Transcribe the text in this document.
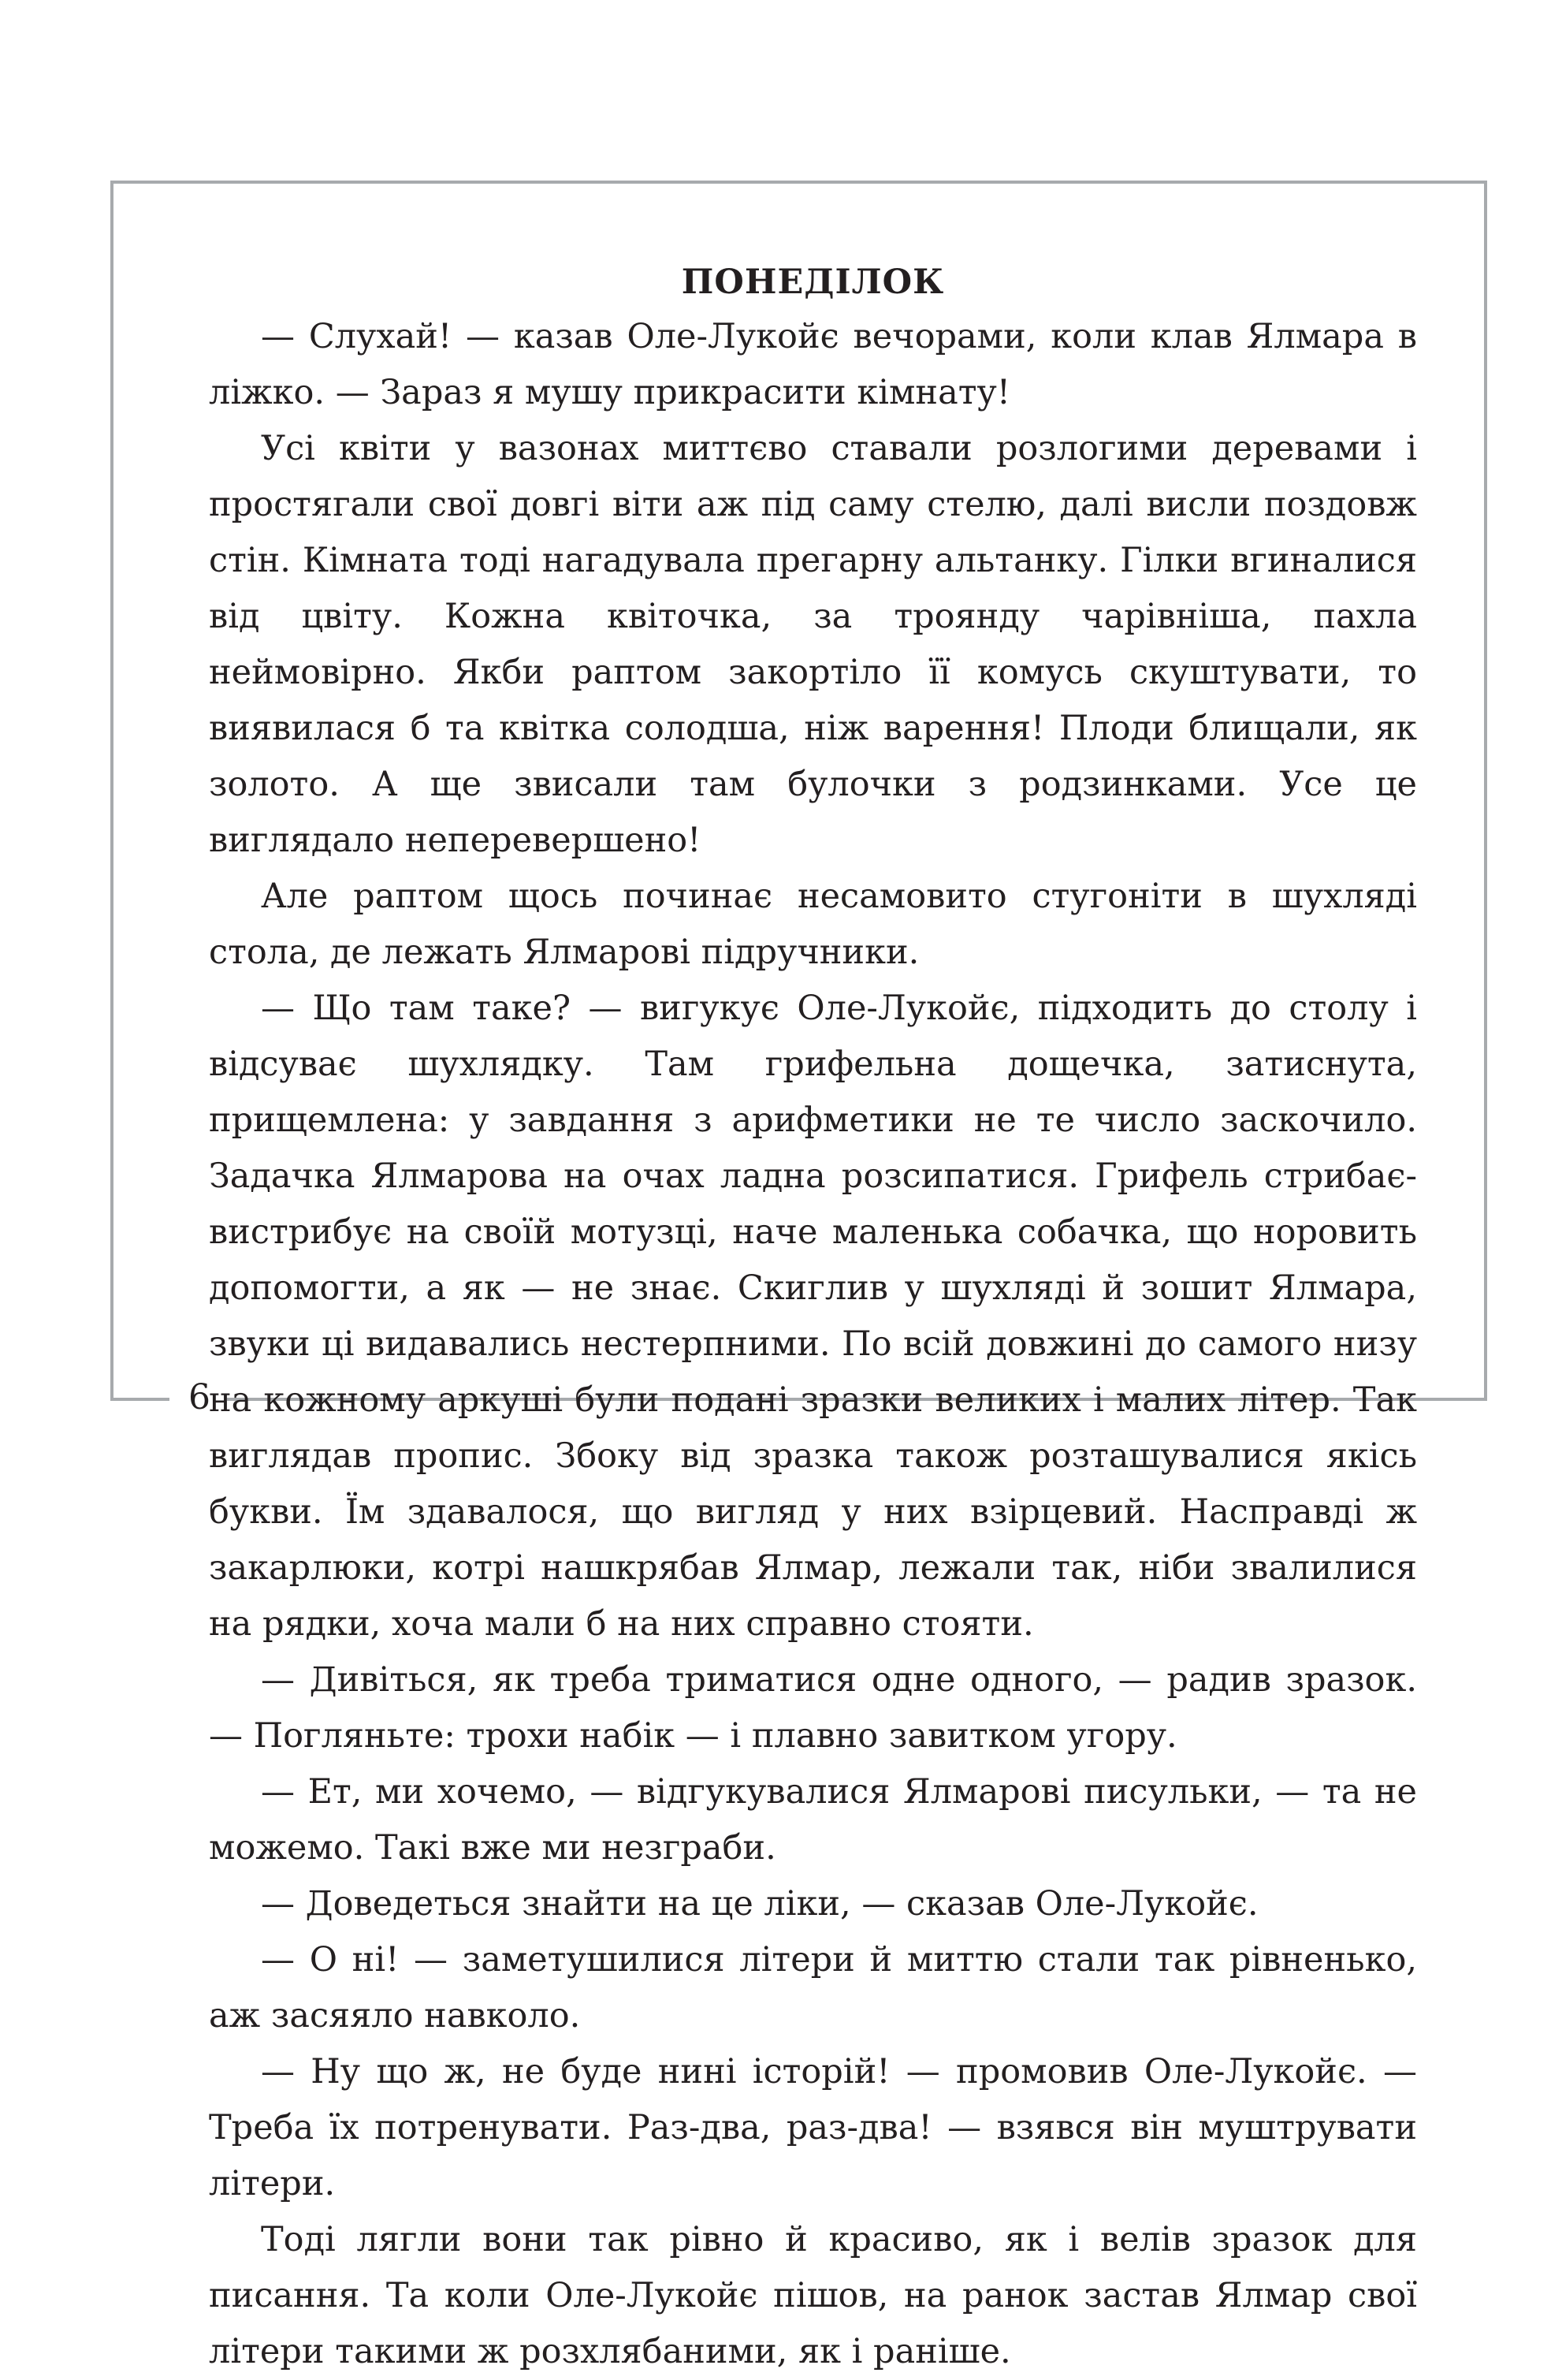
ПОНЕДІЛОК

— Слухай! — казав Оле-Лукойє вечорами, коли клав Ялмара в ліжко. — Зараз я мушу прикрасити кімнату!

Усі квіти у вазонах миттєво ставали розлогими деревами і простягали свої довгі віти аж під саму стелю, далі висли поздовж стін. Кімната тоді нагадувала прегарну альтанку. Гілки вгиналися від цвіту. Кожна квіточка, за троянду чарівніша, пахла неймовірно. Якби раптом закортіло її комусь скуштувати, то виявилася б та квітка солодша, ніж варення! Плоди блищали, як золото. А ще звисали там булочки з родзинками. Усе це виглядало неперевершено!

Але раптом щось починає несамовито стугоніти в шухляді стола, де лежать Ялмарові підручники.

— Що там таке? — вигукує Оле-Лукойє, підходить до столу і відсуває шухлядку. Там грифельна дощечка, затиснута, прищемлена: у завдання з арифметики не те число заскочило. Задачка Ялмарова на очах ладна розсипатися. Грифель стрибає-вистрибує на своїй мотузці, наче маленька собачка, що норовить допомогти, а як — не знає. Скиглив у шухляді й зошит Ялмара, звуки ці видавались нестерпними. По всій довжині до самого низу на кожному аркуші були подані зразки великих і малих літер. Так виглядав пропис. Збоку від зразка також розташувалися якісь букви. Їм здавалося, що вигляд у них взірцевий. Насправді ж закарлюки, котрі нашкрябав Ялмар, лежали так, ніби звалилися на рядки, хоча мали б на них справно стояти.

— Дивіться, як треба триматися одне одного, — радив зразок. — Погляньте: трохи набік — і плавно завитком угору.

— Ет, ми хочемо, — відгукувалися Ялмарові писульки, — та не можемо. Такі вже ми незграби.

— Доведеться знайти на це ліки, — сказав Оле-Лукойє.

— О ні! — заметушилися літери й миттю стали так рівненько, аж засяяло навколо.

— Ну що ж, не буде нині історій! — промовив Оле-Лукойє. — Треба їх потренувати. Раз-два, раз-два! — взявся він муштрувати літери.

Тоді лягли вони так рівно й красиво, як і велів зразок для писання. Та коли Оле-Лукойє пішов, на ранок застав Ялмар свої літери такими ж розхлябаними, як і раніше.

6
